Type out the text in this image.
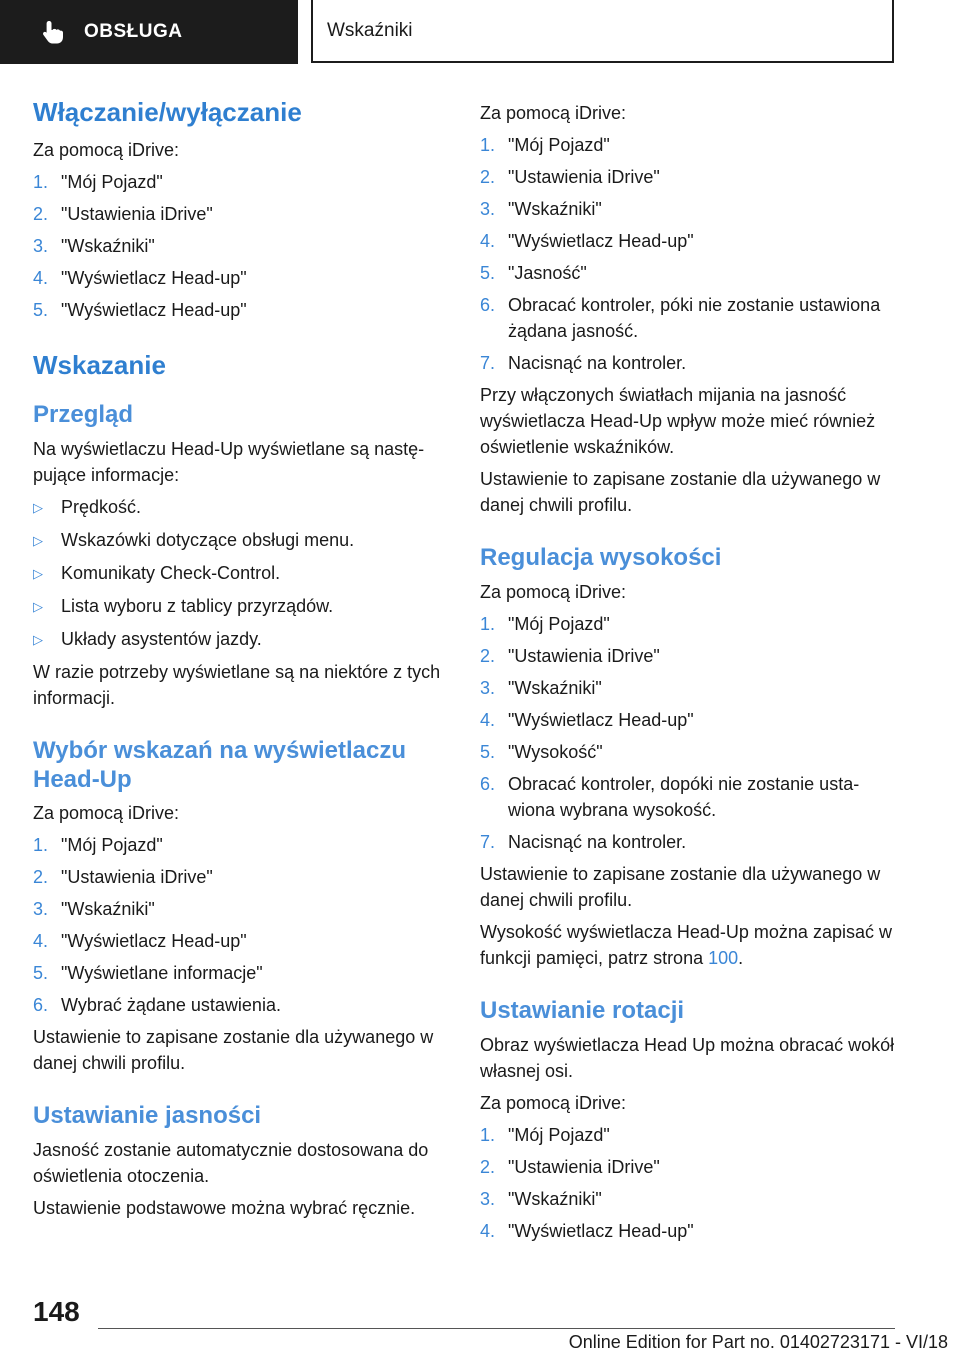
OBSŁUGA	Wskaźniki
Włączanie/wyłączanie

Za pomocą iDrive:

1. "Mój Pojazd"
2. "Ustawienia iDrive"
3. "Wskaźniki"
4. "Wyświetlacz Head-up"
5. "Wyświetlacz Head-up"
Wskazanie
Przegląd

Na wyświetlaczu Head-Up wyświetlane są następujące informacje:

▷	Prędkość.
▷	Wskazówki dotyczące obsługi menu.
▷	Komunikaty Check-Control.
▷	Lista wyboru z tablicy przyrządów.
▷	Układy asystentów jazdy.

W razie potrzeby wyświetlane są na niektóre z tych informacji.

Wybór wskazań na wyświetlaczu Head-Up

Za pomocą iDrive:

1. "Mój Pojazd"
2. "Ustawienia iDrive"
3. "Wskaźniki"
4. "Wyświetlacz Head-up"
5. "Wyświetlane informacje"
6. Wybrać żądane ustawienia.

Ustawienie to zapisane zostanie dla używanego w danej chwili profilu.

Ustawianie jasności

Jasność zostanie automatycznie dostosowana do oświetlenia otoczenia.

Ustawienie podstawowe można wybrać ręcznie.

Za pomocą iDrive:

1. "Mój Pojazd"
2. "Ustawienia iDrive"
3. "Wskaźniki"
4. "Wyświetlacz Head-up"
5. "Jasność"
6. Obracać kontroler, póki nie zostanie ustawiona żądana jasność.
7. Nacisnąć na kontroler.

Przy włączonych światłach mijania na jasność wyświetlacza Head-Up wpływ może mieć również oświetlenie wskaźników.

Ustawienie to zapisane zostanie dla używanego w danej chwili profilu.

Regulacja wysokości

Za pomocą iDrive:

1. "Mój Pojazd"
2. "Ustawienia iDrive"
3. "Wskaźniki"
4. "Wyświetlacz Head-up"
5. "Wysokość"
6. Obracać kontroler, dopóki nie zostanie ustawiona wybrana wysokość.
7. Nacisnąć na kontroler.

Ustawienie to zapisane zostanie dla używanego w danej chwili profilu.

Wysokość wyświetlacza Head-Up można zapisać w funkcji pamięci, patrz strona 100.

Ustawianie rotacji

Obraz wyświetlacza Head Up można obracać wokół własnej osi.

Za pomocą iDrive:

1. "Mój Pojazd"
2. "Ustawienia iDrive"
3. "Wskaźniki"
4. "Wyświetlacz Head-up"
148
Online Edition for Part no. 01402723171 - VI/18
